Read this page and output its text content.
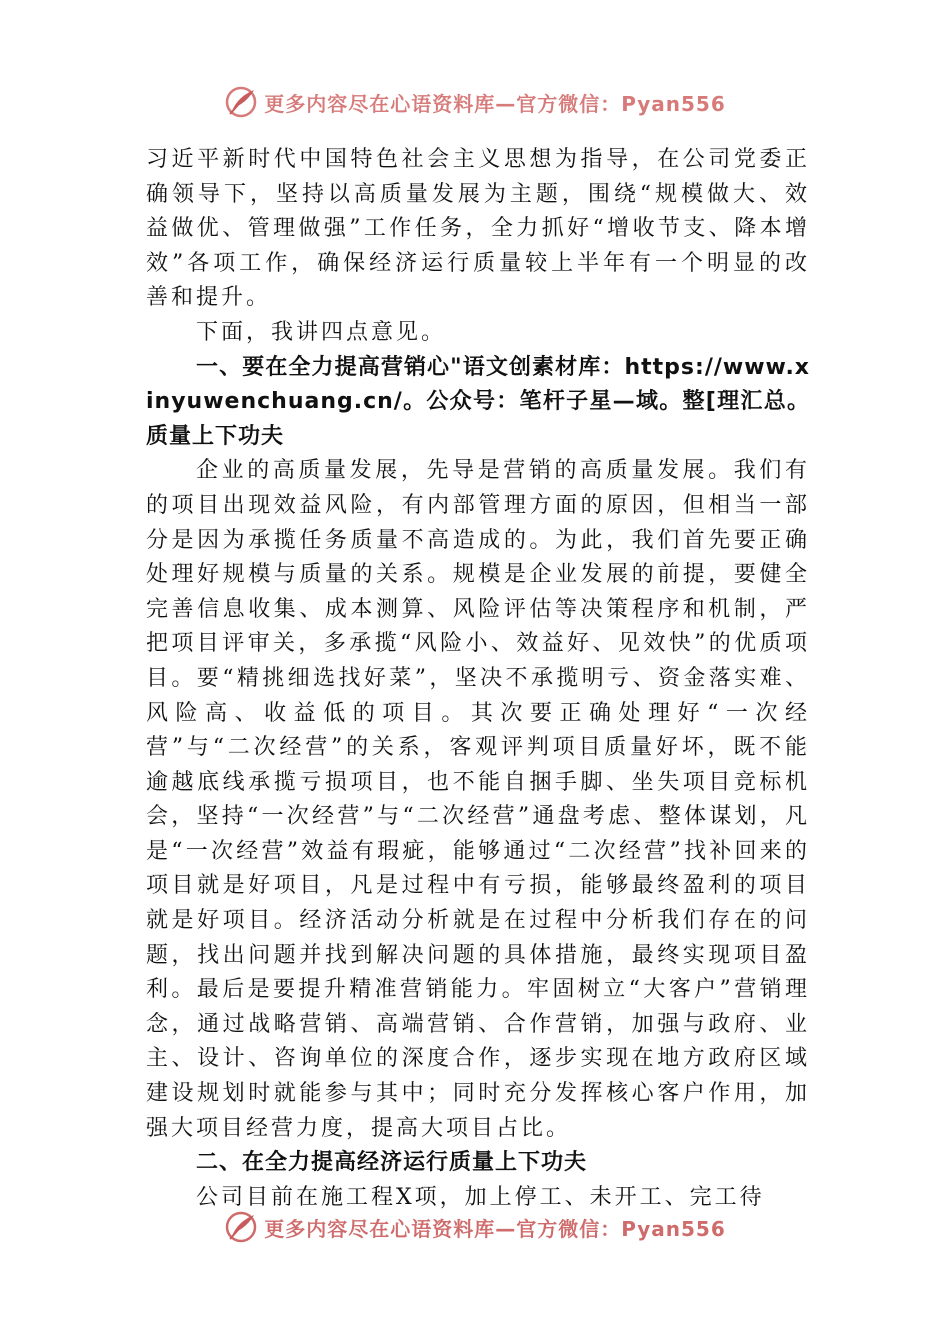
更多内容尽在心语资料库—官方微信：Pyan556

习近平新时代中国特色社会主义思想为指导，在公司党委正确领导下，坚持以高质量发展为主题，围绕“规模做大、效益做优、管理做强”工作任务，全力抓好“增收节支、降本增效”各项工作，确保经济运行质量较上半年有一个明显的改善和提升。

下面，我讲四点意见。

一、要在全力提高营销心"语文创素材库：https://www.xinyuwenchuang.cn/。公众号：笔杆子星—域。整[理汇总。质量上下功夫

企业的高质量发展，先导是营销的高质量发展。我们有的项目出现效益风险，有内部管理方面的原因，但相当一部分是因为承揽任务质量不高造成的。为此，我们首先要正确处理好规模与质量的关系。规模是企业发展的前提，要健全完善信息收集、成本测算、风险评估等决策程序和机制，严把项目评审关，多承揽“风险小、效益好、见效快”的优质项目。要“精挑细选找好菜”，坚决不承揽明亏、资金落实难、风险高、收益低的项目。其次要正确处理好“一次经营”与“二次经营”的关系，客观评判项目质量好坏，既不能逾越底线承揽亏损项目，也不能自捆手脚、坐失项目竞标机会，坚持“一次经营”与“二次经营”通盘考虑、整体谋划，凡是“一次经营”效益有瑕疵，能够通过“二次经营”找补回来的项目就是好项目，凡是过程中有亏损，能够最终盈利的项目就是好项目。经济活动分析就是在过程中分析我们存在的问题，找出问题并找到解决问题的具体措施，最终实现项目盈利。最后是要提升精准营销能力。牢固树立“大客户”营销理念，通过战略营销、高端营销、合作营销，加强与政府、业主、设计、咨询单位的深度合作，逐步实现在地方政府区域建设规划时就能参与其中；同时充分发挥核心客户作用，加强大项目经营力度，提高大项目占比。

二、在全力提高经济运行质量上下功夫

公司目前在施工程X项，加上停工、未开工、完工待

更多内容尽在心语资料库—官方微信：Pyan556
